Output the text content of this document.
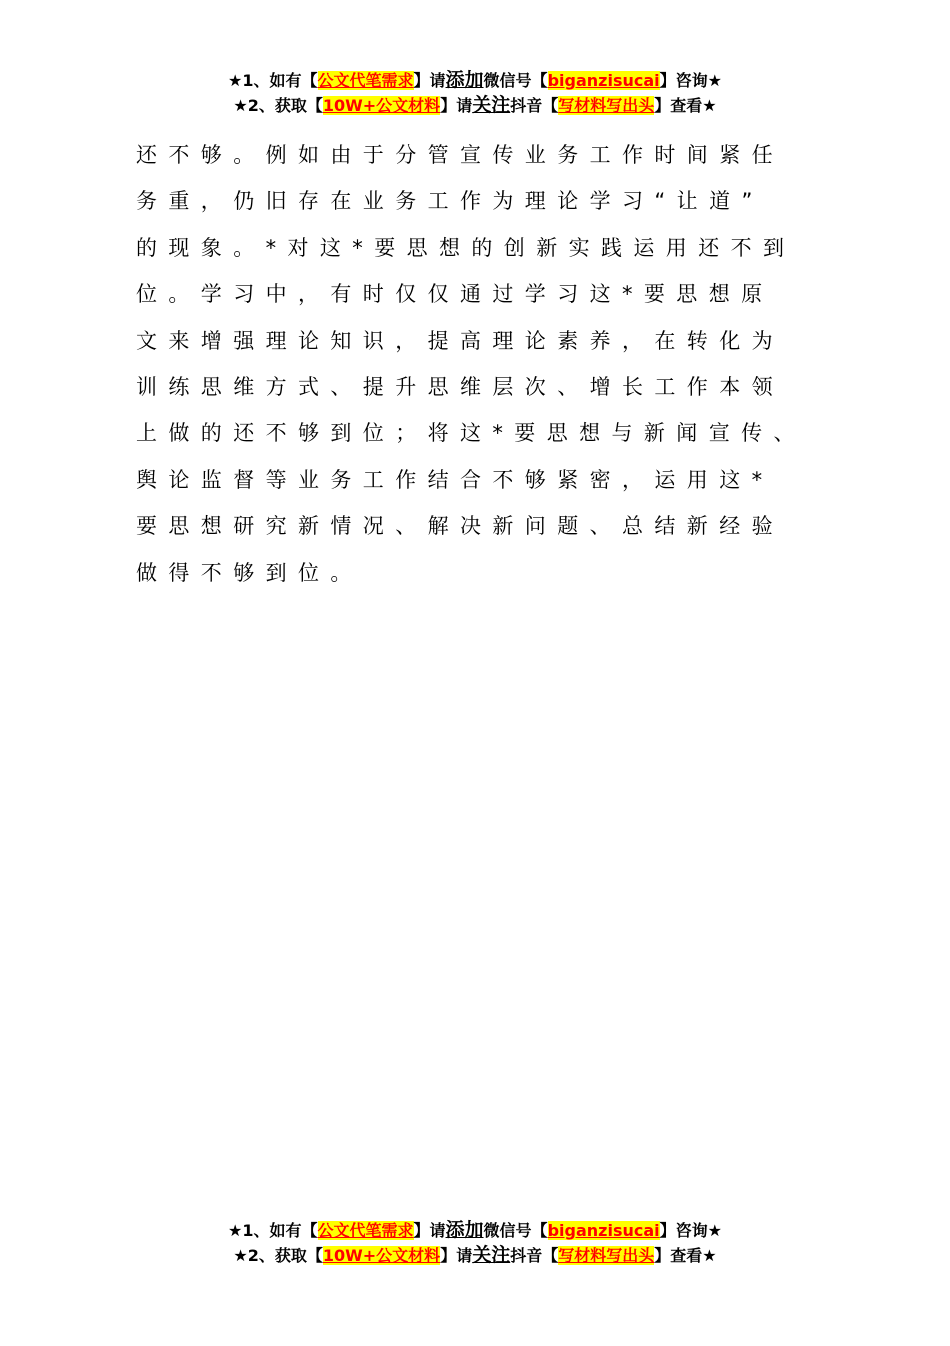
★1、如有【公文代笔需求】请添加微信号【biganzisucai】咨询★
★2、获取【10W+公文材料】请关注抖音【写材料写出头】查看★
还不够。例如由于分管宣传业务工作时间紧任
务重，仍旧存在业务工作为理论学习“让道”
的现象。*对这*要思想的创新实践运用还不到
位。学习中，有时仅仅通过学习这*要思想原
文来增强理论知识，提高理论素养，在转化为
训练思维方式、提升思维层次、增长工作本领
上做的还不够到位；将这*要思想与新闻宣传、
舆论监督等业务工作结合不够紧密，运用这*
要思想研究新情况、解决新问题、总结新经验
做得不够到位。
★1、如有【公文代笔需求】请添加微信号【biganzisucai】咨询★
★2、获取【10W+公文材料】请关注抖音【写材料写出头】查看★
